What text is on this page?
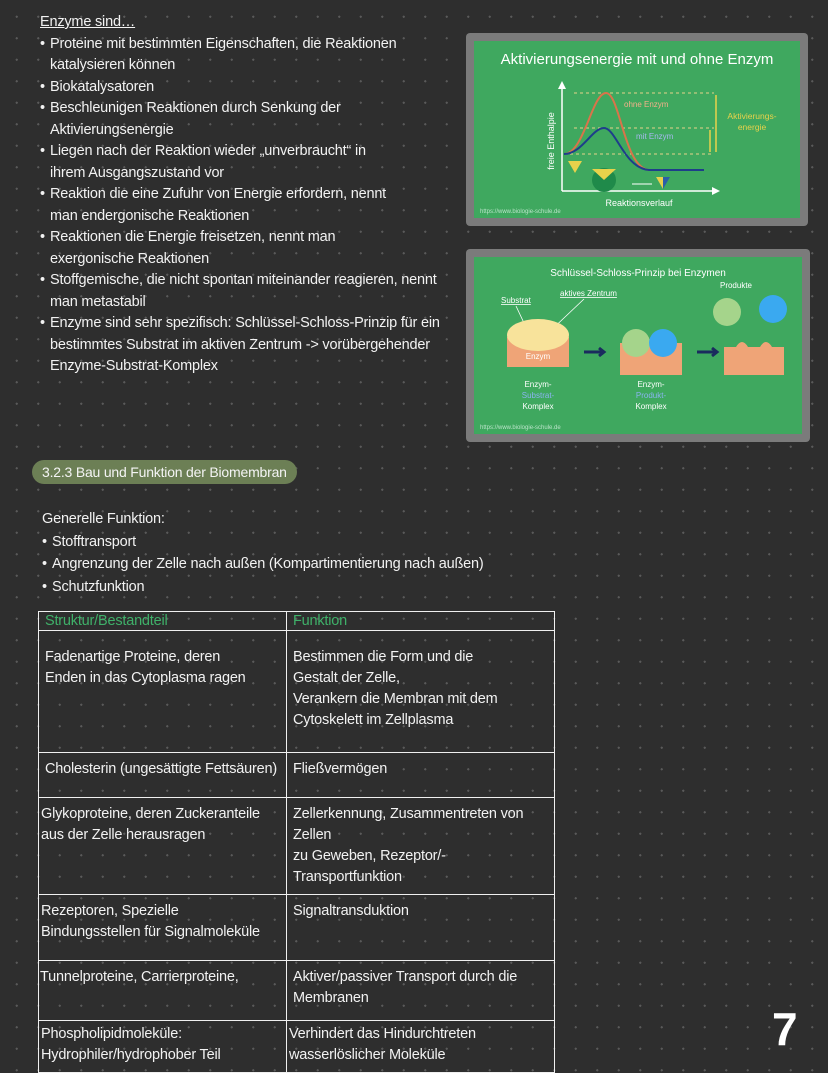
Enzyme sind…

• Proteine mit bestimmten Eigenschaften, die Reaktionen katalysieren können
• Biokatalysatoren
• Beschleunigen Reaktionen durch Senkung der Aktivierungsenergie
• Liegen nach der Reaktion wieder „unverbraucht“ in ihrem Ausgangszustand vor
• Reaktion die eine Zufuhr von Energie erfordern, nennt man endergonische Reaktionen
• Reaktionen die Energie freisetzen, nennt man exergonische Reaktionen
• Stoffgemische, die nicht spontan miteinander reagieren, nennt man metastabil
• Enzyme sind sehr spezifisch: Schlüssel-Schloss-Prinzip für ein bestimmtes Substrat im aktiven Zentrum -> vorübergehender Enzyme-Substrat-Komplex
Aktivierungsenergie mit und ohne Enzym
freie Enthalpie
Reaktionsverlauf
ohne Enzym
mit Enzym
Aktivierungs-energie
https://www.biologie-schule.de
Schlüssel-Schloss-Prinzip bei Enzymen
Substrat
aktives Zentrum
Produkte
Enzym
Enzym-Substrat-Komplex
Enzym-Produkt-Komplex
https://www.biologie-schule.de
3.2.3 Bau und Funktion der Biomembran
Generelle Funktion:
• Stofftransport
• Angrenzung der Zelle nach außen (Kompartimentierung nach außen)
• Schutzfunktion
Struktur/Bestandteil	Funktion
Fadenartige Proteine, deren
Enden in das Cytoplasma ragen	Bestimmen die Form und die
Gestalt der Zelle,
Verankern die Membran mit dem
Cytoskelett im Zellplasma
Cholesterin (ungesättigte Fettsäuren)	Fließvermögen
Glykoproteine, deren Zuckeranteile
aus der Zelle herausragen	Zellerkennung, Zusammentreten von Zellen
zu Geweben, Rezeptor/-Transportfunktion
Rezeptoren, Spezielle
Bindungsstellen für Signalmoleküle	Signaltransduktion
Tunnelproteine, Carrierproteine,	Aktiver/passiver Transport durch die
Membranen
Phospholipidmoleküle:
Hydrophiler/hydrophober Teil	Verhindert das Hindurchtreten
wasserlöslicher Moleküle	7
